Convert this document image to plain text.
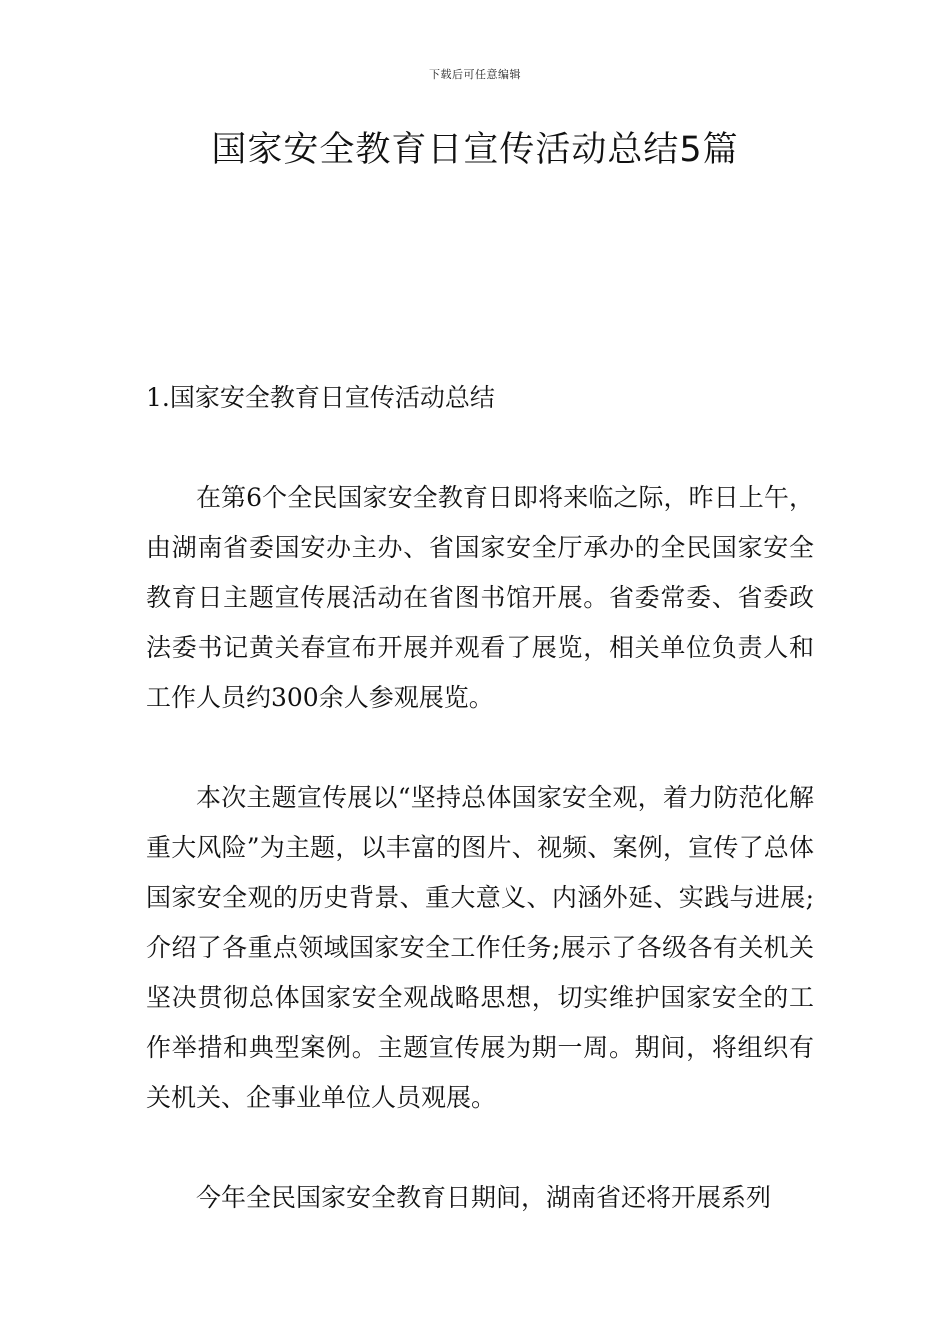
下载后可任意编辑
国家安全教育日宣传活动总结5篇
1.国家安全教育日宣传活动总结
在第6个全民国家安全教育日即将来临之际，昨日上午，由湖南省委国安办主办、省国家安全厅承办的全民国家安全教育日主题宣传展活动在省图书馆开展。省委常委、省委政法委书记黄关春宣布开展并观看了展览，相关单位负责人和工作人员约300余人参观展览。
本次主题宣传展以“坚持总体国家安全观，着力防范化解重大风险”为主题，以丰富的图片、视频、案例，宣传了总体国家安全观的历史背景、重大意义、内涵外延、实践与进展;介绍了各重点领域国家安全工作任务;展示了各级各有关机关坚决贯彻总体国家安全观战略思想，切实维护国家安全的工作举措和典型案例。主题宣传展为期一周。期间，将组织有关机关、企事业单位人员观展。
今年全民国家安全教育日期间，湖南省还将开展系列
